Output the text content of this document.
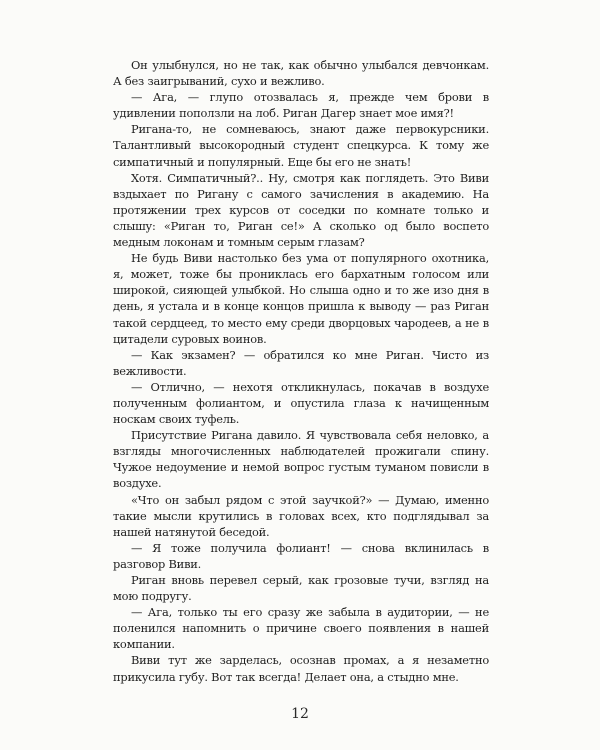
Он улыбнулся, но не так, как обычно улыбался девчонкам. А без заигрываний, сухо и вежливо.

— Ага, — глупо отозвалась я, прежде чем брови в удивлении поползли на лоб. Риган Дагер знает мое имя?!

Ригана-то, не сомневаюсь, знают даже первокурсники. Талантливый высокородный студент спецкурса. К тому же симпатичный и популярный. Еще бы его не знать!

Хотя. Симпатичный?.. Ну, смотря как поглядеть. Это Виви вздыхает по Ригану с самого зачисления в академию. На протяжении трех курсов от соседки по комнате только и слышу: «Риган то, Риган се!» А сколько од было воспето медным локонам и томным серым глазам?

Не будь Виви настолько без ума от популярного охотника, я, может, тоже бы прониклась его бархатным голосом или широкой, сияющей улыбкой. Но слыша одно и то же изо дня в день, я устала и в конце концов пришла к выводу — раз Риган такой сердцеед, то место ему среди дворцовых чародеев, а не в цитадели суровых воинов.

— Как экзамен? — обратился ко мне Риган. Чисто из вежливости.

— Отлично, — нехотя откликнулась, покачав в воздухе полученным фолиантом, и опустила глаза к начищенным носкам своих туфель.

Присутствие Ригана давило. Я чувствовала себя неловко, а взгляды многочисленных наблюдателей прожигали спину. Чужое недоумение и немой вопрос густым туманом повисли в воздухе.

«Что он забыл рядом с этой заучкой?» — Думаю, именно такие мысли крутились в головах всех, кто подглядывал за нашей натянутой беседой.

— Я тоже получила фолиант! — снова вклинилась в разговор Виви.

Риган вновь перевел серый, как грозовые тучи, взгляд на мою подругу.

— Ага, только ты его сразу же забыла в аудитории, — не поленился напомнить о причине своего появления в нашей компании.

Виви тут же зарделась, осознав промах, а я незаметно прикусила губу. Вот так всегда! Делает она, а стыдно мне.

12
